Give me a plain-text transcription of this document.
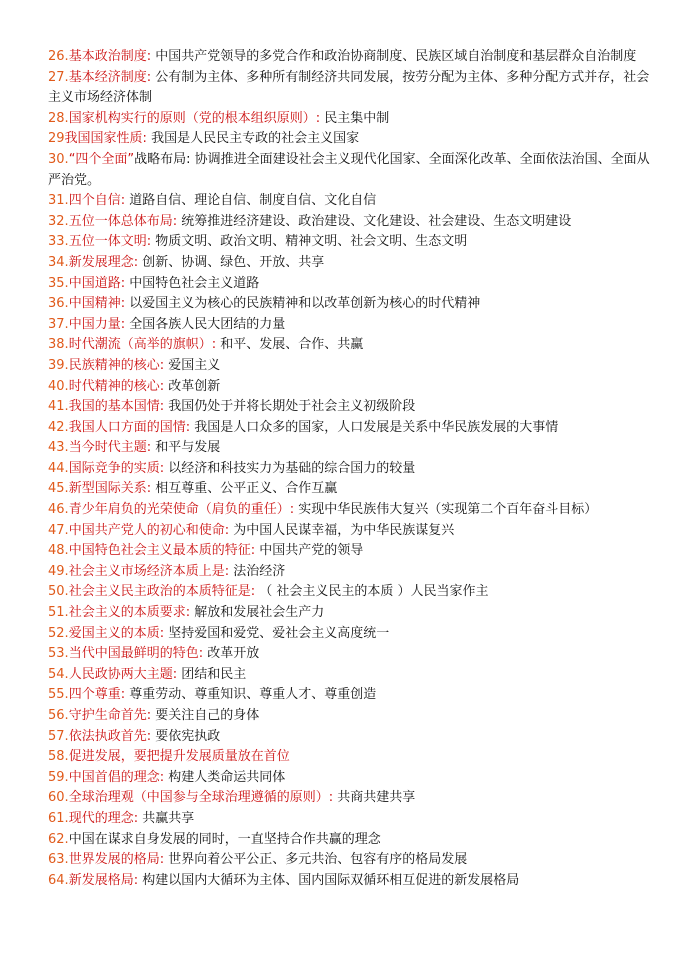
26.基本政治制度: 中国共产党领导的多党合作和政治协商制度、民族区域自治制度和基层群众自治制度

27.基本经济制度: 公有制为主体、多种所有制经济共同发展，按劳分配为主体、多种分配方式并存，社会主义市场经济体制

28.国家机构实行的原则（党的根本组织原则）: 民主集中制

29我国国家性质: 我国是人民民主专政的社会主义国家

30.“四个全面”战略布局: 协调推进全面建设社会主义现代化国家、全面深化改革、全面依法治国、全面从严治党。

31.四个自信: 道路自信、理论自信、制度自信、文化自信

32.五位一体总体布局: 统筹推进经济建设、政治建设、文化建设、社会建设、生态文明建设

33.五位一体文明: 物质文明、政治文明、精神文明、社会文明、生态文明

34.新发展理念: 创新、协调、绿色、开放、共享

35.中国道路: 中国特色社会主义道路

36.中国精神: 以爱国主义为核心的民族精神和以改革创新为核心的时代精神

37.中国力量: 全国各族人民大团结的力量

38.时代潮流（高举的旗帜）: 和平、发展、合作、共赢

39.民族精神的核心: 爱国主义

40.时代精神的核心: 改革创新

41.我国的基本国情: 我国仍处于并将长期处于社会主义初级阶段

42.我国人口方面的国情: 我国是人口众多的国家，人口发展是关系中华民族发展的大事情

43.当今时代主题: 和平与发展

44.国际竞争的实质: 以经济和科技实力为基础的综合国力的较量

45.新型国际关系: 相互尊重、公平正义、合作互赢

46.青少年肩负的光荣使命（肩负的重任）: 实现中华民族伟大复兴（实现第二个百年奋斗目标）

47.中国共产党人的初心和使命: 为中国人民谋幸福，为中华民族谋复兴

48.中国特色社会主义最本质的特征: 中国共产党的领导

49.社会主义市场经济本质上是: 法治经济

50.社会主义民主政治的本质特征是: （ 社会主义民主的本质 ）人民当家作主

51.社会主义的本质要求: 解放和发展社会生产力

52.爱国主义的本质: 坚持爱国和爱党、爱社会主义高度统一

53.当代中国最鲜明的特色: 改革开放

54.人民政协两大主题: 团结和民主

55.四个尊重: 尊重劳动、尊重知识、尊重人才、尊重创造

56.守护生命首先: 要关注自己的身体

57.依法执政首先: 要依宪执政

58.促进发展，要把提升发展质量放在首位

59.中国首倡的理念: 构建人类命运共同体

60.全球治理观（中国参与全球治理遵循的原则）: 共商共建共享

61.现代的理念: 共赢共享

62.中国在谋求自身发展的同时，一直坚持合作共赢的理念

63.世界发展的格局: 世界向着公平公正、多元共治、包容有序的格局发展

64.新发展格局: 构建以国内大循环为主体、国内国际双循环相互促进的新发展格局
